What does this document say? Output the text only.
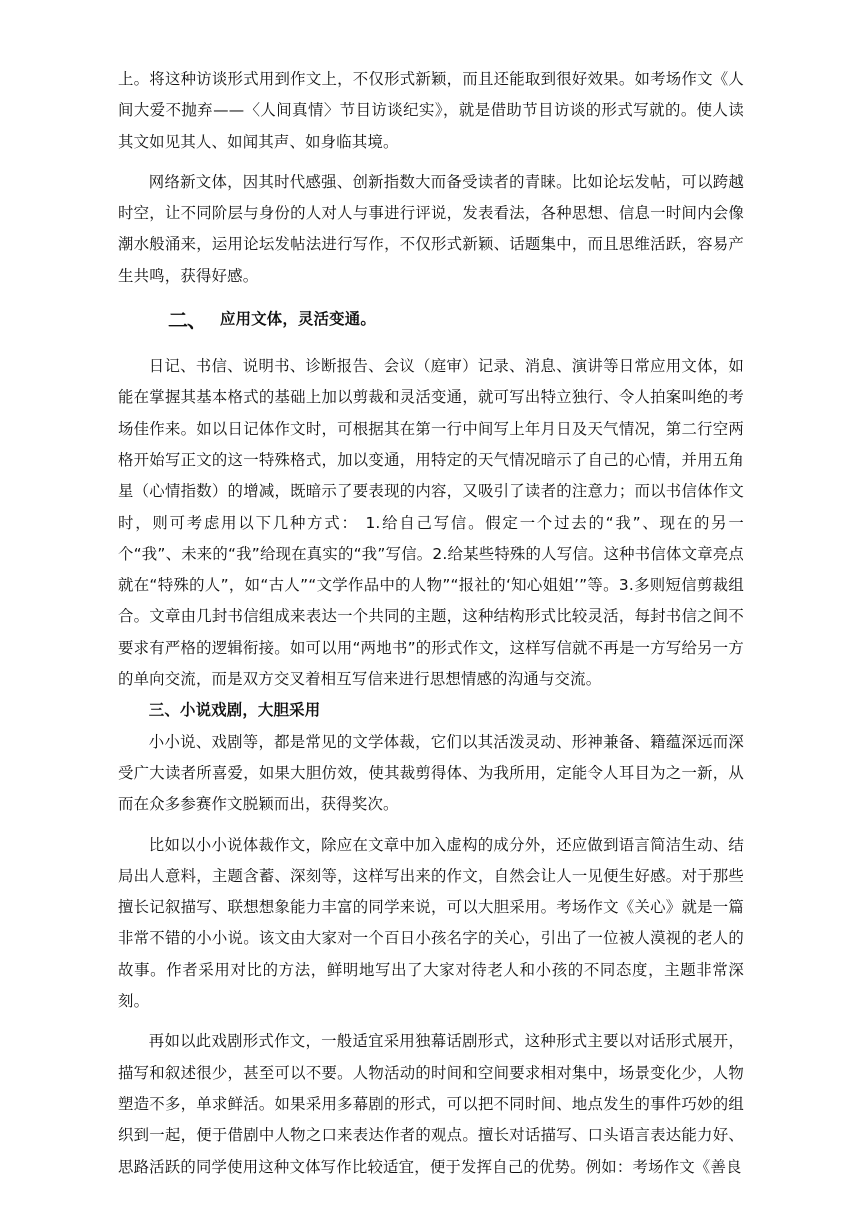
上。将这种访谈形式用到作文上，不仅形式新颖，而且还能取到很好效果。如考场作文《人间大爱不抛弃——〈人间真情〉节目访谈纪实》，就是借助节目访谈的形式写就的。使人读其文如见其人、如闻其声、如身临其境。

网络新文体，因其时代感强、创新指数大而备受读者的青睐。比如论坛发帖，可以跨越时空，让不同阶层与身份的人对人与事进行评说，发表看法，各种思想、信息一时间内会像潮水般涌来，运用论坛发帖法进行写作，不仅形式新颖、话题集中，而且思维活跃，容易产生共鸣，获得好感。

二、 应用文体，灵活变通。

日记、书信、说明书、诊断报告、会议（庭审）记录、消息、演讲等日常应用文体，如能在掌握其基本格式的基础上加以剪裁和灵活变通，就可写出特立独行、令人拍案叫绝的考场佳作来。如以日记体作文时，可根据其在第一行中间写上年月日及天气情况，第二行空两格开始写正文的这一特殊格式，加以变通，用特定的天气情况暗示了自己的心情，并用五角星（心情指数）的增减，既暗示了要表现的内容，又吸引了读者的注意力；而以书信体作文时，则可考虑用以下几种方式： 1.给自己写信。假定一个过去的“我”、现在的另一个“我”、未来的“我”给现在真实的“我”写信。2.给某些特殊的人写信。这种书信体文章亮点就在“特殊的人”，如“古人”“文学作品中的人物”“报社的‘知心姐姐’”等。3.多则短信剪裁组合。文章由几封书信组成来表达一个共同的主题，这种结构形式比较灵活，每封书信之间不要求有严格的逻辑衔接。如可以用“两地书”的形式作文，这样写信就不再是一方写给另一方的单向交流，而是双方交叉着相互写信来进行思想情感的沟通与交流。

三、小说戏剧，大胆采用

小小说、戏剧等，都是常见的文学体裁，它们以其活泼灵动、形神兼备、籍蕴深远而深受广大读者所喜爱，如果大胆仿效，使其裁剪得体、为我所用，定能令人耳目为之一新，从而在众多参赛作文脱颖而出，获得奖次。

比如以小小说体裁作文，除应在文章中加入虚构的成分外，还应做到语言简洁生动、结局出人意料，主题含蓄、深刻等，这样写出来的作文，自然会让人一见便生好感。对于那些擅长记叙描写、联想想象能力丰富的同学来说，可以大胆采用。考场作文《关心》就是一篇非常不错的小小说。该文由大家对一个百日小孩名字的关心，引出了一位被人漠视的老人的故事。作者采用对比的方法，鲜明地写出了大家对待老人和小孩的不同态度，主题非常深刻。

再如以此戏剧形式作文，一般适宜采用独幕话剧形式，这种形式主要以对话形式展开，描写和叙述很少，甚至可以不要。人物活动的时间和空间要求相对集中，场景变化少，人物塑造不多，单求鲜活。如果采用多幕剧的形式，可以把不同时间、地点发生的事件巧妙的组织到一起，便于借剧中人物之口来表达作者的观点。擅长对话描写、口头语言表达能力好、思路活跃的同学使用这种文体写作比较适宜，便于发挥自己的优势。例如：考场作文《善良
